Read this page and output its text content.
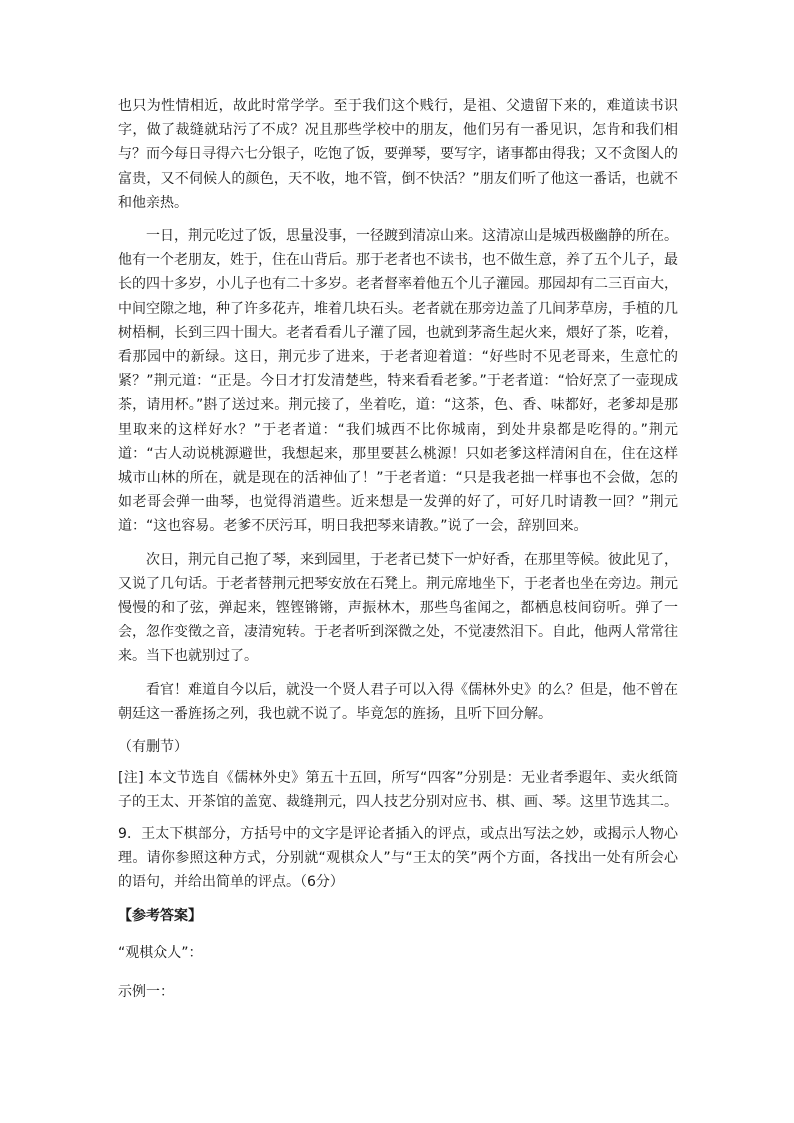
也只为性情相近，故此时常学学。至于我们这个贱行，是祖、父遗留下来的，难道读书识字，做了裁缝就玷污了不成？况且那些学校中的朋友，他们另有一番见识，怎肯和我们相与？而今每日寻得六七分银子，吃饱了饭，要弹琴，要写字，诸事都由得我；又不贪图人的富贵，又不伺候人的颜色，天不收，地不管，倒不快活？”朋友们听了他这一番话，也就不和他亲热。

一日，荆元吃过了饭，思量没事，一径踱到清凉山来。这清凉山是城西极幽静的所在。他有一个老朋友，姓于，住在山背后。那于老者也不读书，也不做生意，养了五个儿子，最长的四十多岁，小儿子也有二十多岁。老者督率着他五个儿子灌园。那园却有二三百亩大，中间空隙之地，种了许多花卉，堆着几块石头。老者就在那旁边盖了几间茅草房，手植的几树梧桐，长到三四十围大。老者看看儿子灌了园，也就到茅斋生起火来，煨好了茶，吃着，看那园中的新绿。这日，荆元步了进来，于老者迎着道：“好些时不见老哥来，生意忙的紧？”荆元道：“正是。今日才打发清楚些，特来看看老爹。”于老者道：“恰好烹了一壶现成茶，请用杯。”斟了送过来。荆元接了，坐着吃，道：“这茶，色、香、味都好，老爹却是那里取来的这样好水？”于老者道：“我们城西不比你城南，到处井泉都是吃得的。”荆元道：“古人动说桃源避世，我想起来，那里要甚么桃源！只如老爹这样清闲自在，住在这样城市山林的所在，就是现在的活神仙了！”于老者道：“只是我老拙一样事也不会做，怎的如老哥会弹一曲琴，也觉得消遣些。近来想是一发弹的好了，可好几时请教一回？”荆元道：“这也容易。老爹不厌污耳，明日我把琴来请教。”说了一会，辞别回来。

次日，荆元自己抱了琴，来到园里，于老者已焚下一炉好香，在那里等候。彼此见了，又说了几句话。于老者替荆元把琴安放在石凳上。荆元席地坐下，于老者也坐在旁边。荆元慢慢的和了弦，弹起来，铿铿锵锵，声振林木，那些鸟雀闻之，都栖息枝间窃听。弹了一会，忽作变徵之音，凄清宛转。于老者听到深微之处，不觉凄然泪下。自此，他两人常常往来。当下也就别过了。

看官！难道自今以后，就没一个贤人君子可以入得《儒林外史》的么？但是，他不曾在朝廷这一番旌扬之列，我也就不说了。毕竟怎的旌扬，且听下回分解。

（有删节）

[注] 本文节选自《儒林外史》第五十五回，所写“四客”分别是：无业者季遐年、卖火纸筒子的王太、开茶馆的盖宽、裁缝荆元，四人技艺分别对应书、棋、画、琴。这里节选其二。

9．王太下棋部分，方括号中的文字是评论者插入的评点，或点出写法之妙，或揭示人物心理。请你参照这种方式，分别就“观棋众人”与“王太的笑”两个方面，各找出一处有所会心的语句，并给出简单的评点。（6分）

【参考答案】

“观棋众人”：

示例一：
